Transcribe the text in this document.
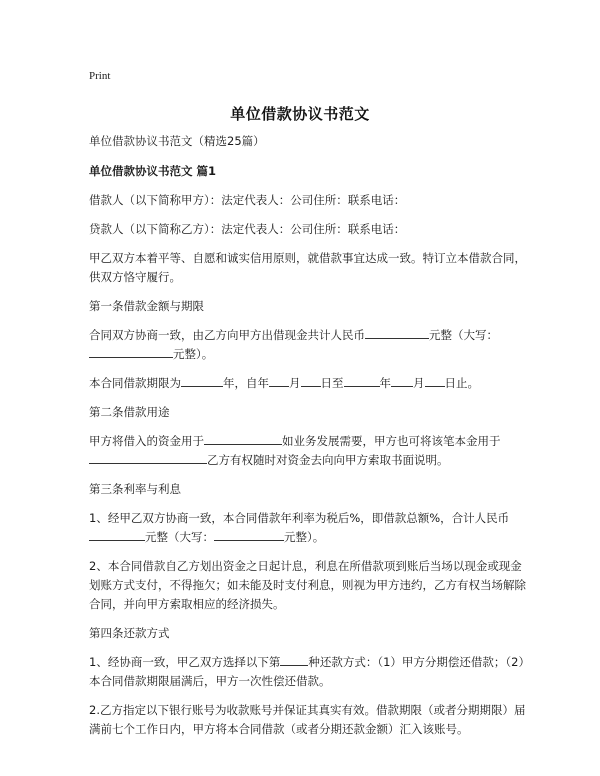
Print
单位借款协议书范文

单位借款协议书范文（精选25篇）

单位借款协议书范文 篇1

借款人（以下简称甲方）：法定代表人：公司住所：联系电话：

贷款人（以下简称乙方）：法定代表人：公司住所：联系电话：

甲乙双方本着平等、自愿和诚实信用原则，就借款事宜达成一致。特订立本借款合同，供双方恪守履行。

第一条借款金额与期限

合同双方协商一致，由乙方向甲方出借现金共计人民币	元整（大写：元整）。

本合同借款期限为	年，自年 月 日至	年 月 日止。

第二条借款用途

甲方将借入的资金用于	如业务发展需要，甲方也可将该笔本金用于乙方有权随时对资金去向向甲方索取书面说明。

第三条利率与利息

1、经甲乙双方协商一致，本合同借款年利率为税后%，即借款总额%，合计人民币元整（大写：	元整）。

2、本合同借款自乙方划出资金之日起计息，利息在所借款项到账后当场以现金或现金划账方式支付，不得拖欠；如未能及时支付利息，则视为甲方违约，乙方有权当场解除合同，并向甲方索取相应的经济损失。

第四条还款方式

1、经协商一致，甲乙双方选择以下第 种还款方式：（1）甲方分期偿还借款；（2）本合同借款期限届满后，甲方一次性偿还借款。

2.乙方指定以下银行账号为收款账号并保证其真实有效。借款期限（或者分期期限）届满前七个工作日内，甲方将本合同借款（或者分期还款金额）汇入该账号。
